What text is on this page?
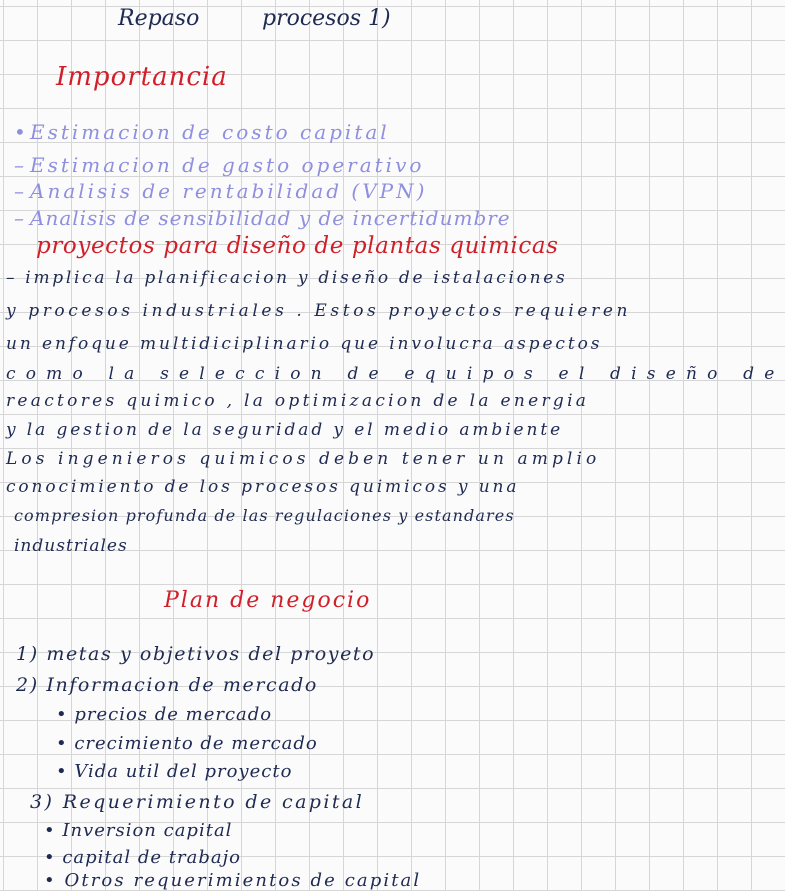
Repaso	procesos 1)
Importancia
•Estimacion de costo capital
– Estimacion de gasto operativo
– Analisis de rentabilidad (VPN)
– Analisis de sensibilidad y de incertidumbre
proyectos para diseño de plantas quimicas
– implica la planificacion y diseño de istalaciones
y procesos industriales . Estos proyectos requieren
un enfoque multidiciplinario que involucra aspectos
como la seleccion de equipos el diseño de
reactores quimico , la optimizacion de la energia
y la gestion de la seguridad y el medio ambiente
Los ingenieros quimicos deben tener un amplio
conocimiento de los procesos quimicos y una
compresion profunda de las regulaciones y estandares
industriales
Plan de negocio
1) metas y objetivos del proyeto
2) Informacion de mercado
• precios de mercado
• crecimiento de mercado
• Vida util del proyecto
3) Requerimiento de capital
• Inversion capital
• capital de trabajo
• Otros requerimientos de capital
